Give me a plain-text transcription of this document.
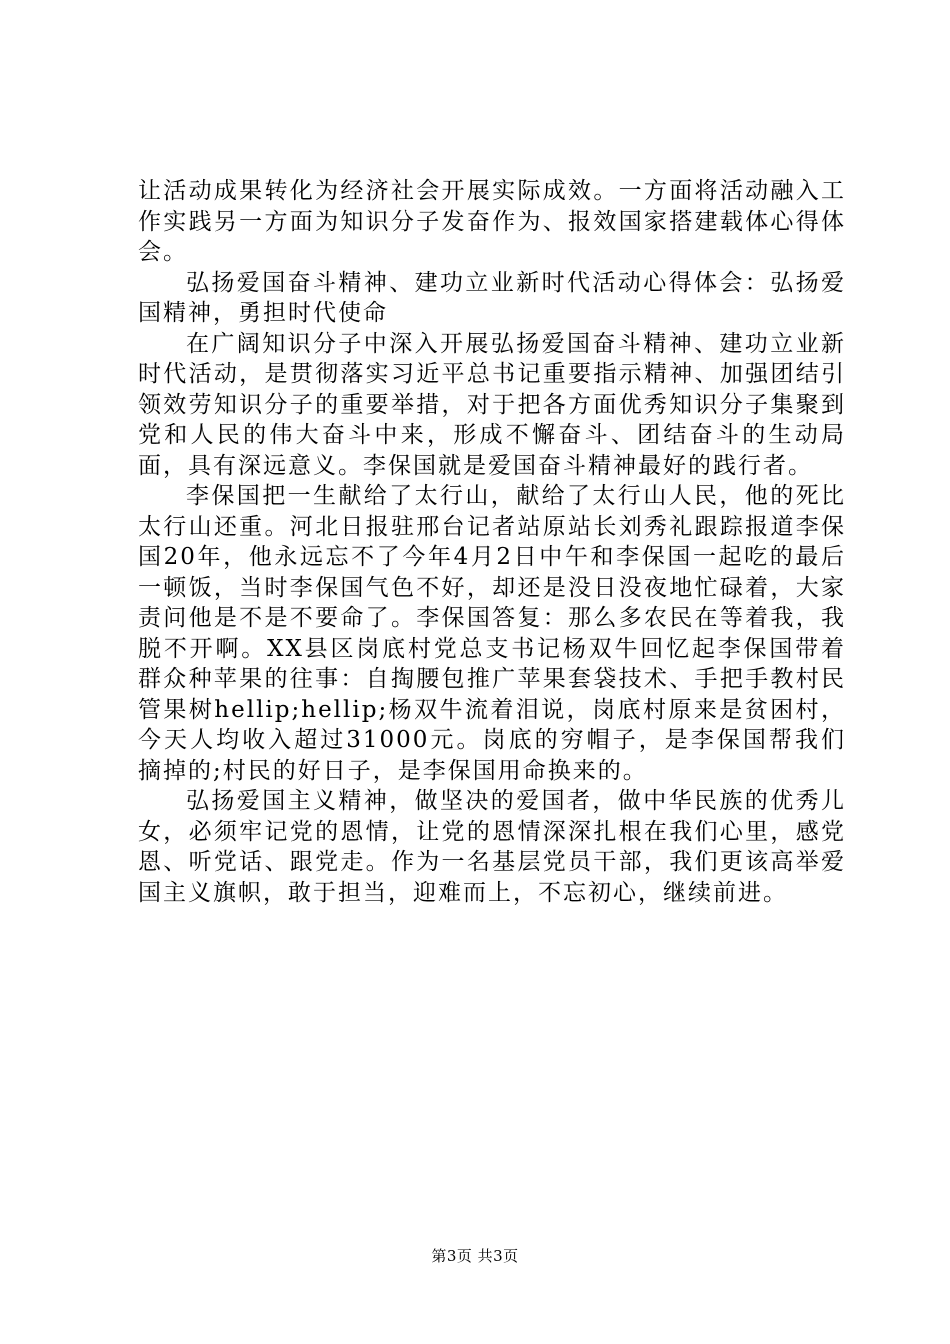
让活动成果转化为经济社会开展实际成效。一方面将活动融入工作实践另一方面为知识分子发奋作为、报效国家搭建载体心得体会。

弘扬爱国奋斗精神、建功立业新时代活动心得体会：弘扬爱国精神，勇担时代使命

在广阔知识分子中深入开展弘扬爱国奋斗精神、建功立业新时代活动，是贯彻落实习近平总书记重要指示精神、加强团结引领效劳知识分子的重要举措，对于把各方面优秀知识分子集聚到党和人民的伟大奋斗中来，形成不懈奋斗、团结奋斗的生动局面，具有深远意义。李保国就是爱国奋斗精神最好的践行者。

李保国把一生献给了太行山，献给了太行山人民，他的死比太行山还重。河北日报驻邢台记者站原站长刘秀礼跟踪报道李保国20年，他永远忘不了今年4月2日中午和李保国一起吃的最后一顿饭，当时李保国气色不好，却还是没日没夜地忙碌着，大家责问他是不是不要命了。李保国答复：那么多农民在等着我，我脱不开啊。XX县区岗底村党总支书记杨双牛回忆起李保国带着群众种苹果的往事：自掏腰包推广苹果套袋技术、手把手教村民管果树hellip;hellip;杨双牛流着泪说，岗底村原来是贫困村，今天人均收入超过31000元。岗底的穷帽子，是李保国帮我们摘掉的;村民的好日子，是李保国用命换来的。

弘扬爱国主义精神，做坚决的爱国者，做中华民族的优秀儿女，必须牢记党的恩情，让党的恩情深深扎根在我们心里，感党恩、听党话、跟党走。作为一名基层党员干部，我们更该高举爱国主义旗帜，敢于担当，迎难而上，不忘初心，继续前进。

第3页 共3页
